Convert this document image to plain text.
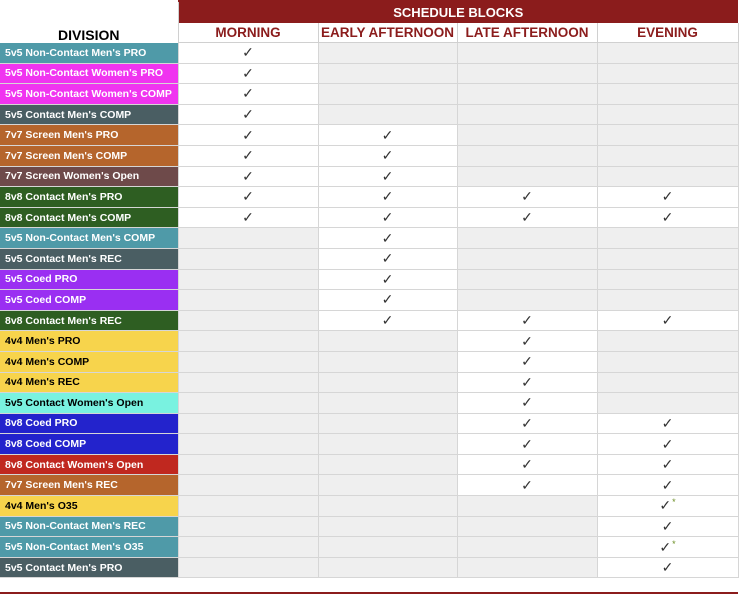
DIVISION	SCHEDULE BLOCKS			
	MORNING	EARLY AFTERNOON	LATE AFTERNOON	EVENING
5v5 Non-Contact Men's PRO	✓			
5v5 Non-Contact Women's PRO	✓			
5v5 Non-Contact Women's COMP	✓			
5v5 Contact Men's COMP	✓			
7v7 Screen Men's PRO	✓	✓		
7v7 Screen Men's COMP	✓	✓		
7v7 Screen Women's Open	✓	✓		
8v8 Contact Men's PRO	✓	✓	✓	✓
8v8 Contact Men's COMP	✓	✓	✓	✓
5v5 Non-Contact Men's COMP		✓		
5v5 Contact Men's REC		✓		
5v5 Coed PRO		✓		
5v5 Coed COMP		✓		
8v8 Contact Men's REC		✓	✓	✓
4v4 Men's PRO			✓	
4v4 Men's COMP			✓	
4v4 Men's REC			✓	
5v5 Contact Women's Open			✓	
8v8 Coed PRO			✓	✓
8v8 Coed COMP			✓	✓
8v8 Contact Women's Open			✓	✓
7v7 Screen Men's REC			✓	✓
4v4 Men's O35				✓*
5v5 Non-Contact Men's REC				✓
5v5 Non-Contact Men's O35				✓*
5v5 Contact Men's PRO				✓
